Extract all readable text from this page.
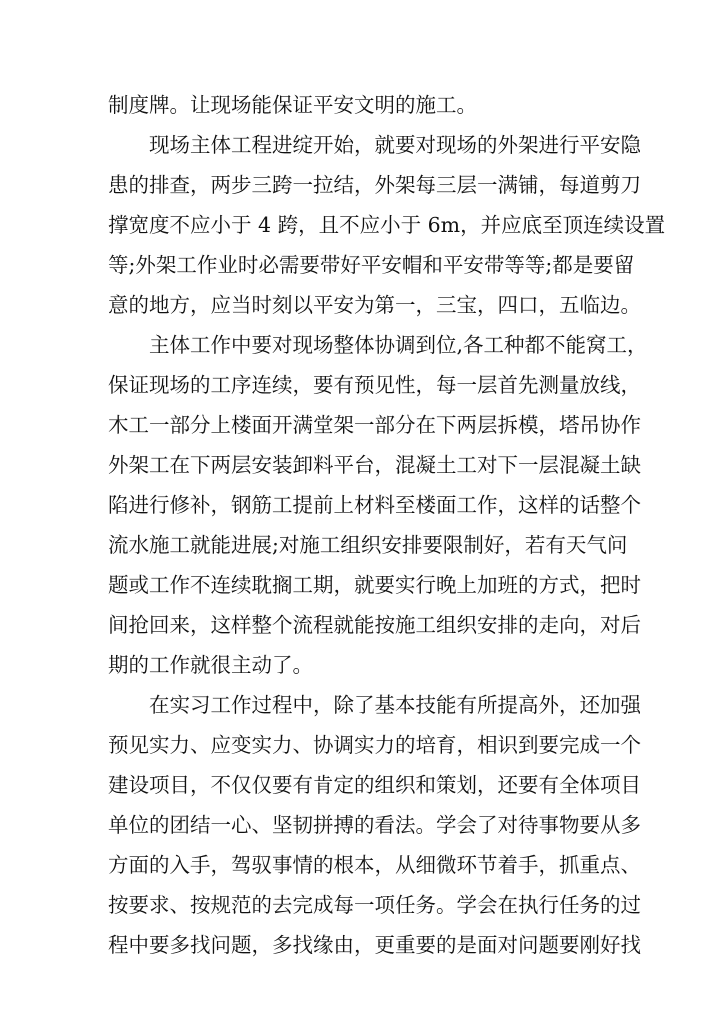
制度牌。让现场能保证平安文明的施工。
现场主体工程进绽开始，就要对现场的外架进行平安隐
患的排查，两步三跨一拉结，外架每三层一满铺，每道剪刀
撑宽度不应小于 4 跨，且不应小于 6m，并应底至顶连续设置
等;外架工作业时必需要带好平安帽和平安带等等;都是要留
意的地方，应当时刻以平安为第一，三宝，四口，五临边。
主体工作中要对现场整体协调到位,各工种都不能窝工，
保证现场的工序连续，要有预见性，每一层首先测量放线，
木工一部分上楼面开满堂架一部分在下两层拆模，塔吊协作
外架工在下两层安装卸料平台，混凝土工对下一层混凝土缺
陷进行修补，钢筋工提前上材料至楼面工作，这样的话整个
流水施工就能进展;对施工组织安排要限制好，若有天气问
题或工作不连续耽搁工期，就要实行晚上加班的方式，把时
间抢回来，这样整个流程就能按施工组织安排的走向，对后
期的工作就很主动了。
在实习工作过程中，除了基本技能有所提高外，还加强
预见实力、应变实力、协调实力的培育，相识到要完成一个
建设项目，不仅仅要有肯定的组织和策划，还要有全体项目
单位的团结一心、坚韧拼搏的看法。学会了对待事物要从多
方面的入手，驾驭事情的根本，从细微环节着手，抓重点、
按要求、按规范的去完成每一项任务。学会在执行任务的过
程中要多找问题，多找缘由，更重要的是面对问题要刚好找
